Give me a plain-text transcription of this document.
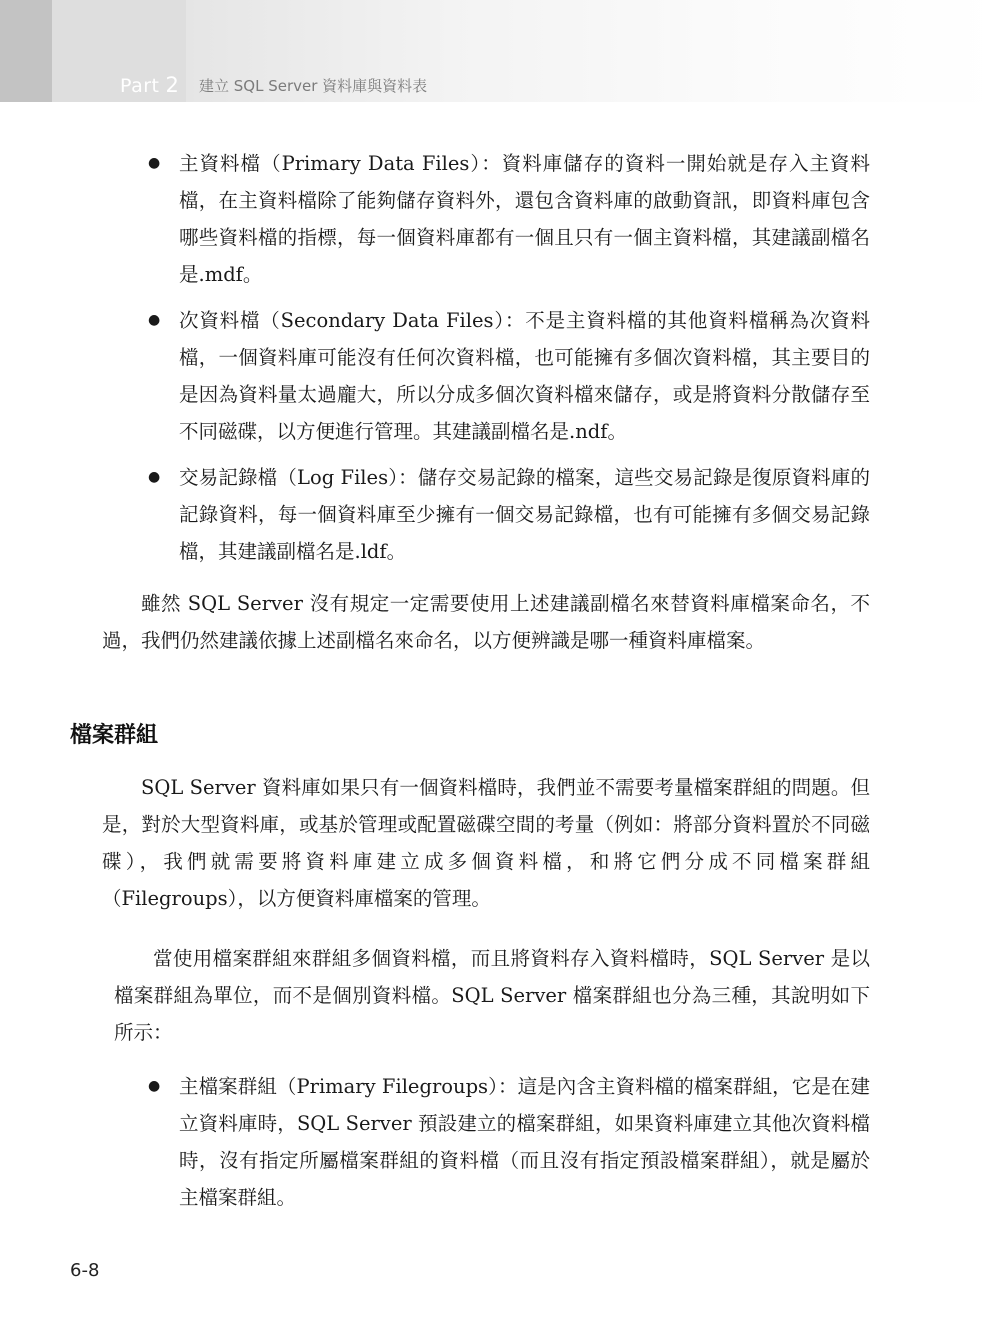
Part 2 建立 SQL Server 資料庫與資料表
● 主資料檔（Primary Data Files）：資料庫儲存的資料一開始就是存入主資料檔，在主資料檔除了能夠儲存資料外，還包含資料庫的啟動資訊，即資料庫包含哪些資料檔的指標，每一個資料庫都有一個且只有一個主資料檔，其建議副檔名是.mdf。
● 次資料檔（Secondary Data Files）：不是主資料檔的其他資料檔稱為次資料檔，一個資料庫可能沒有任何次資料檔，也可能擁有多個次資料檔，其主要目的是因為資料量太過龐大，所以分成多個次資料檔來儲存，或是將資料分散儲存至不同磁碟，以方便進行管理。其建議副檔名是.ndf。
● 交易記錄檔（Log Files）：儲存交易記錄的檔案，這些交易記錄是復原資料庫的記錄資料，每一個資料庫至少擁有一個交易記錄檔，也有可能擁有多個交易記錄檔，其建議副檔名是.ldf。

雖然 SQL Server 沒有規定一定需要使用上述建議副檔名來替資料庫檔案命名，不過，我們仍然建議依據上述副檔名來命名，以方便辨識是哪一種資料庫檔案。

檔案群組

SQL Server 資料庫如果只有一個資料檔時，我們並不需要考量檔案群組的問題。但是，對於大型資料庫，或基於管理或配置磁碟空間的考量（例如：將部分資料置於不同磁碟），我們就需要將資料庫建立成多個資料檔，和將它們分成不同檔案群組（Filegroups），以方便資料庫檔案的管理。

當使用檔案群組來群組多個資料檔，而且將資料存入資料檔時，SQL Server 是以檔案群組為單位，而不是個別資料檔。SQL Server 檔案群組也分為三種，其說明如下所示：

● 主檔案群組（Primary Filegroups）：這是內含主資料檔的檔案群組，它是在建立資料庫時，SQL Server 預設建立的檔案群組，如果資料庫建立其他次資料檔時，沒有指定所屬檔案群組的資料檔（而且沒有指定預設檔案群組），就是屬於主檔案群組。
6-8
